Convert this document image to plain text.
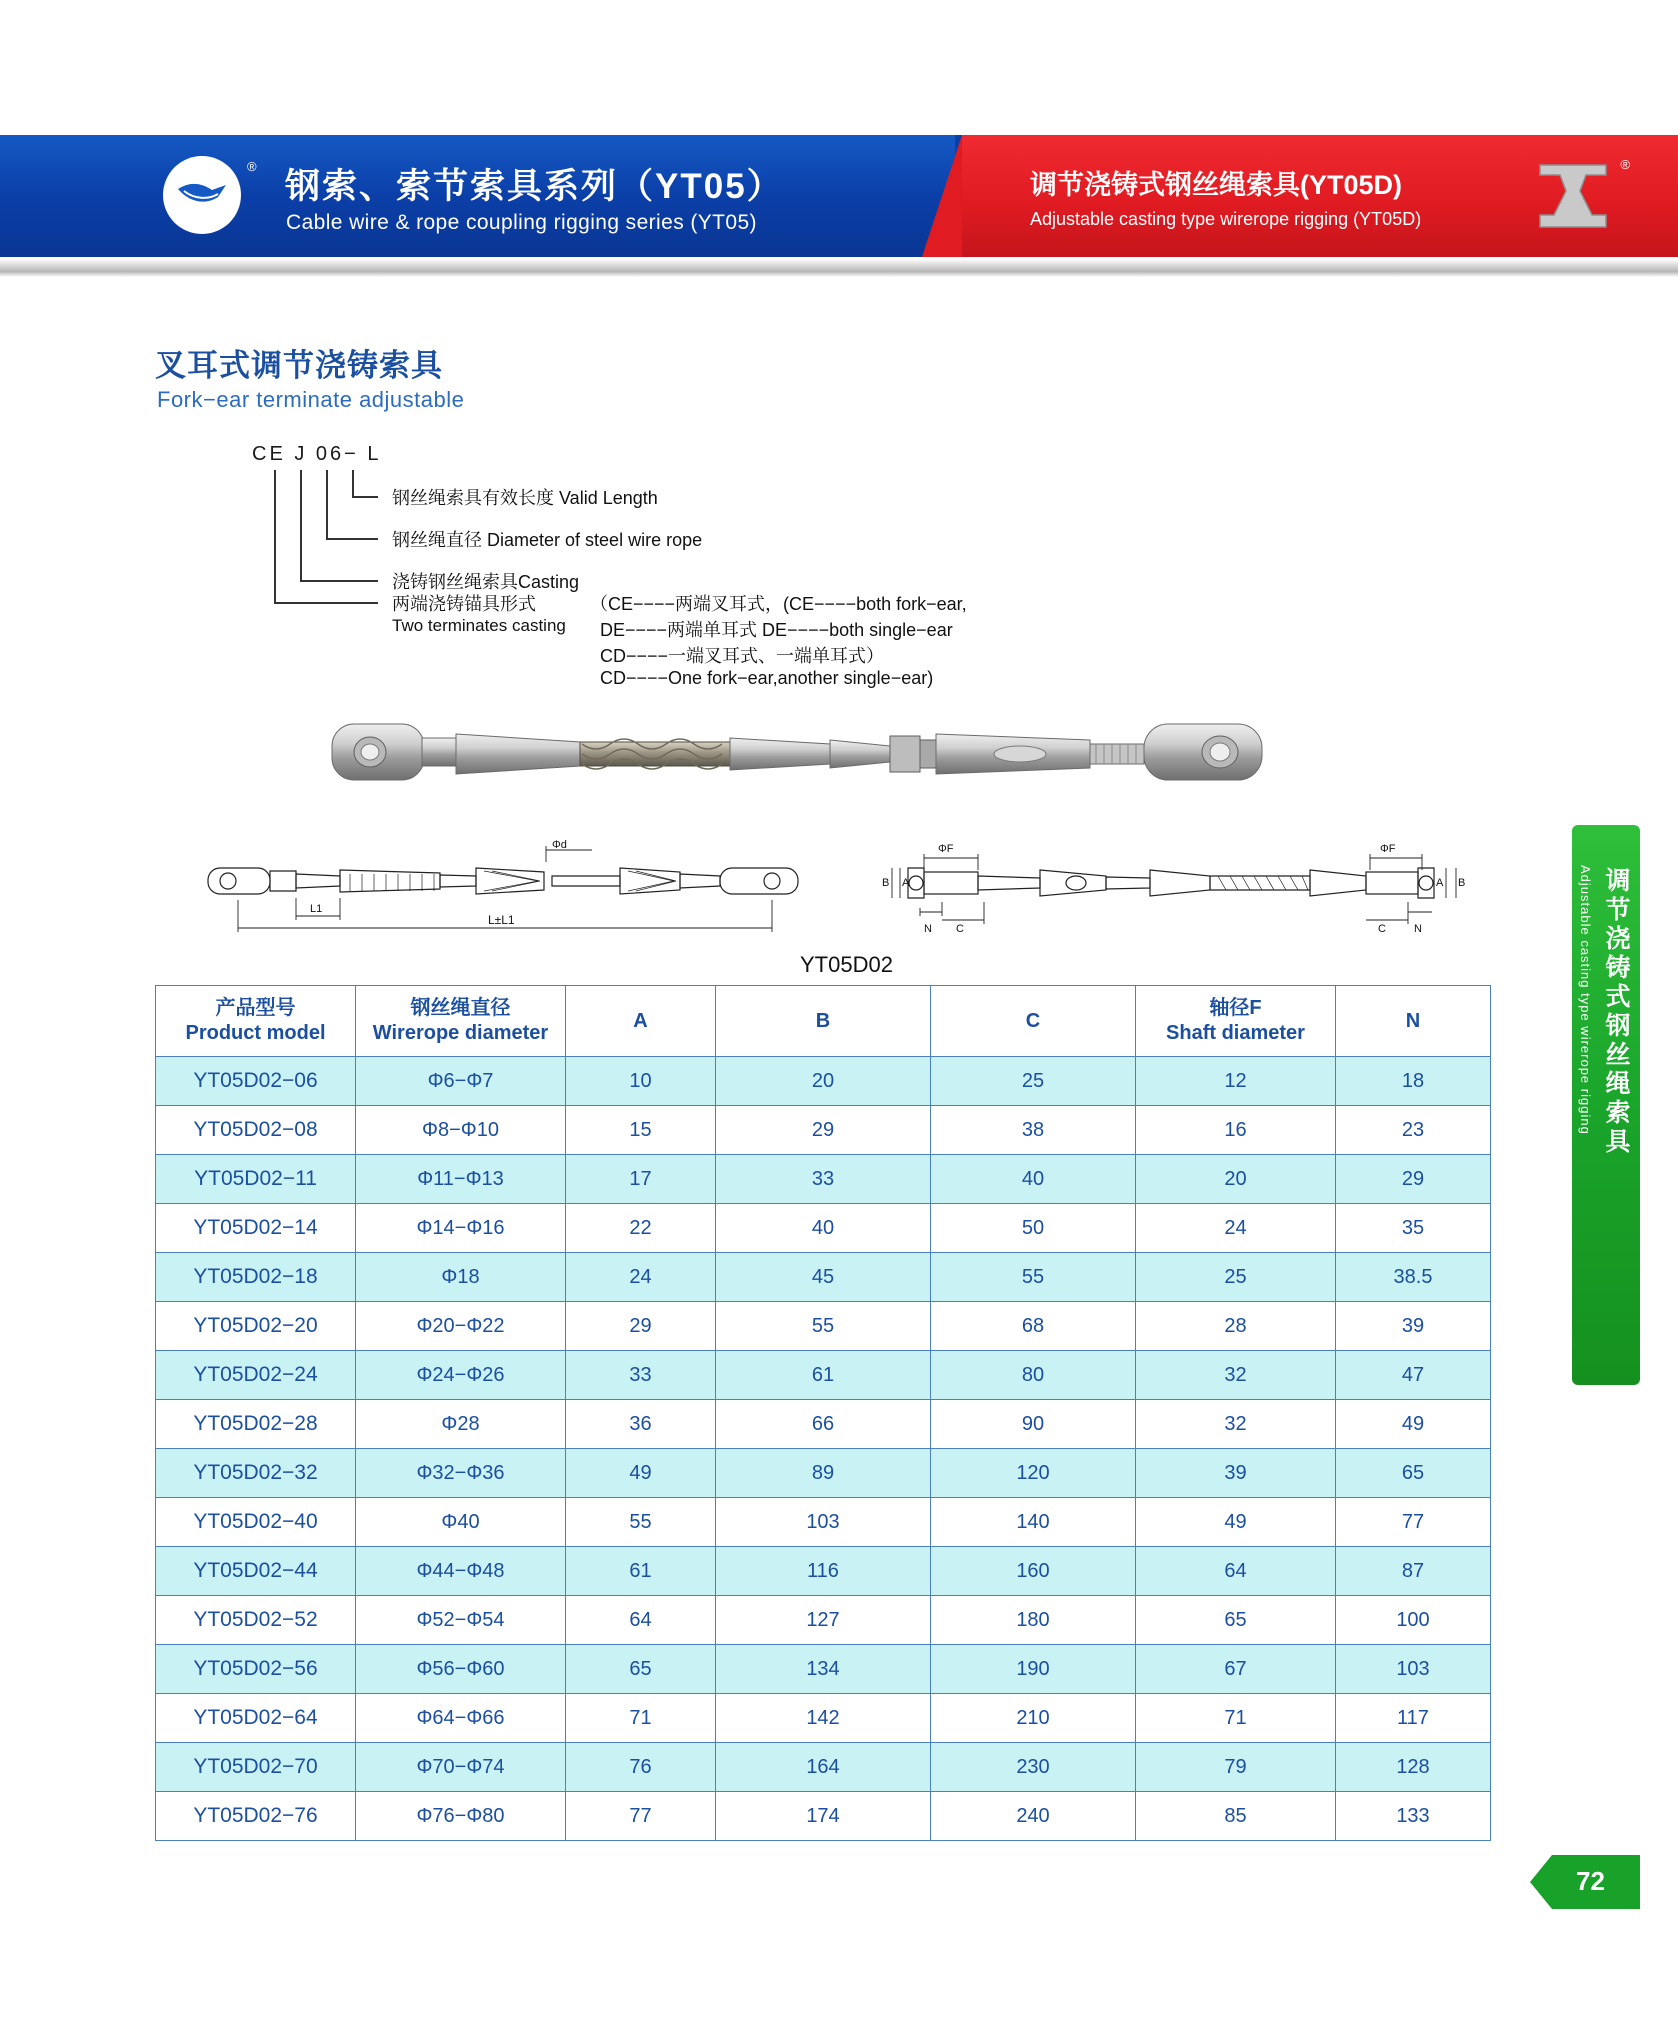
®
钢索、索节索具系列（YT05）
Cable wire & rope coupling rigging series (YT05)
调节浇铸式钢丝绳索具(YT05D)
Adjustable casting type wirerope rigging (YT05D)
®
叉耳式调节浇铸索具
Fork−ear terminate adjustable
CE J 06− L
钢丝绳索具有效长度 Valid Length
钢丝绳直径 Diameter of steel wire rope
浇铸钢丝绳索具Casting
两端浇铸锚具形式
Two terminates casting
（CE−−−−两端叉耳式，(CE−−−−both fork−ear,
DE−−−−两端单耳式 DE−−−−both single−ear
CD−−−−一端叉耳式、一端单耳式）
CD−−−−One fork−ear,another single−ear)
L1
L±L1
Φd	ΦF	ΦF
B A	A B
N C	C	N
YT05D02
产品型号
Product model	钢丝绳直径
Wirerope diameter	A	B	C	轴径F
Shaft diameter	N

YT05D02−06	Φ6−Φ7	10	20	25	12	18
YT05D02−08	Φ8−Φ10	15	29	38	16	23
YT05D02−11	Φ11−Φ13	17	33	40	20	29
YT05D02−14	Φ14−Φ16	22	40	50	24	35
YT05D02−18	Φ18	24	45	55	25	38.5
YT05D02−20	Φ20−Φ22	29	55	68	28	39
YT05D02−24	Φ24−Φ26	33	61	80	32	47
YT05D02−28	Φ28	36	66	90	32	49
YT05D02−32	Φ32−Φ36	49	89	120	39	65
YT05D02−40	Φ40	55	103	140	49	77
YT05D02−44	Φ44−Φ48	61	116	160	64	87
YT05D02−52	Φ52−Φ54	64	127	180	65	100
YT05D02−56	Φ56−Φ60	65	134	190	67	103
YT05D02−64	Φ64−Φ66	71	142	210	71	117
YT05D02−70	Φ70−Φ74	76	164	230	79	128
YT05D02−76	Φ76−Φ80	77	174	240	85	133
调节浇铸式钢丝绳索具
Adjustable casting type wirerope rigging
72
